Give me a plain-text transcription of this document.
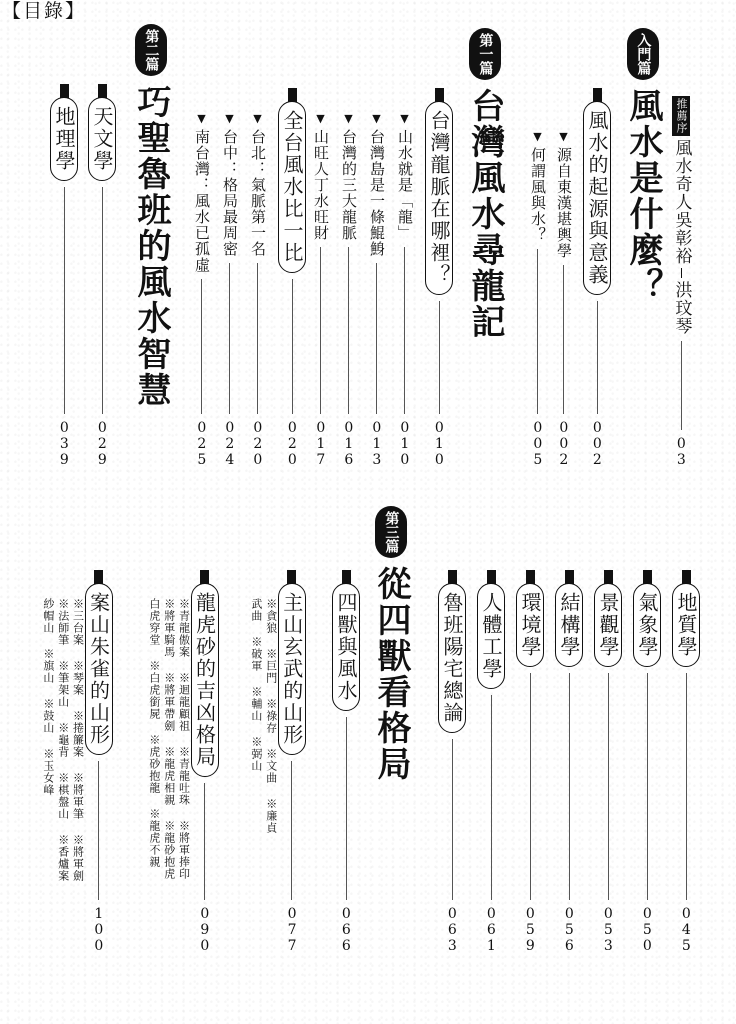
【目錄】
推薦序
風水奇人吳彰裕
洪玟琴
03
入門篇
風水是什麼？
風水的起源與意義
002
▼
源自東漢堪輿學
002
▼
何謂風與水？
005
第一篇
台灣風水尋龍記
台灣龍脈在哪裡？
010
▼
山水就是「龍」
010
▼
台灣島是一條鯤鯓
013
▼
台灣的三大龍脈
016
▼
山旺人丁水旺財
017
全台風水比一比
020
▼
台北：氣脈第一名
020
▼
台中：格局最周密
024
▼
南台灣：風水已孤虛
025
第二篇
巧聖魯班的風水智慧
天文學
029
地理學
039
地質學
045
氣象學
050
景觀學
053
結構學
056
環境學
059
人體工學
061
魯班陽宅總論
063
第三篇
從四獸看格局
四獸與風水
066
主山玄武的山形
077
※貪狼 ※巨門 ※祿存 ※文曲 ※廉貞
武曲 ※破軍 ※輔山 ※弼山
龍虎砂的吉凶格局
090
※青龍傲案 ※迴龍顧祖 ※青龍吐珠 ※將軍捧印
※將軍騎馬 ※將軍帶劍 ※龍虎相親 ※龍砂抱虎
白虎穿堂 ※白虎銜屍 ※虎砂抱龍 ※龍虎不親
案山朱雀的山形
100
※三台案 ※琴案 ※捲簾案 ※將軍筆 ※將軍劍
※法師筆 ※筆架山 ※龜背 ※棋盤山 ※香爐案
紗帽山 ※旗山 ※鼓山 ※玉女峰
